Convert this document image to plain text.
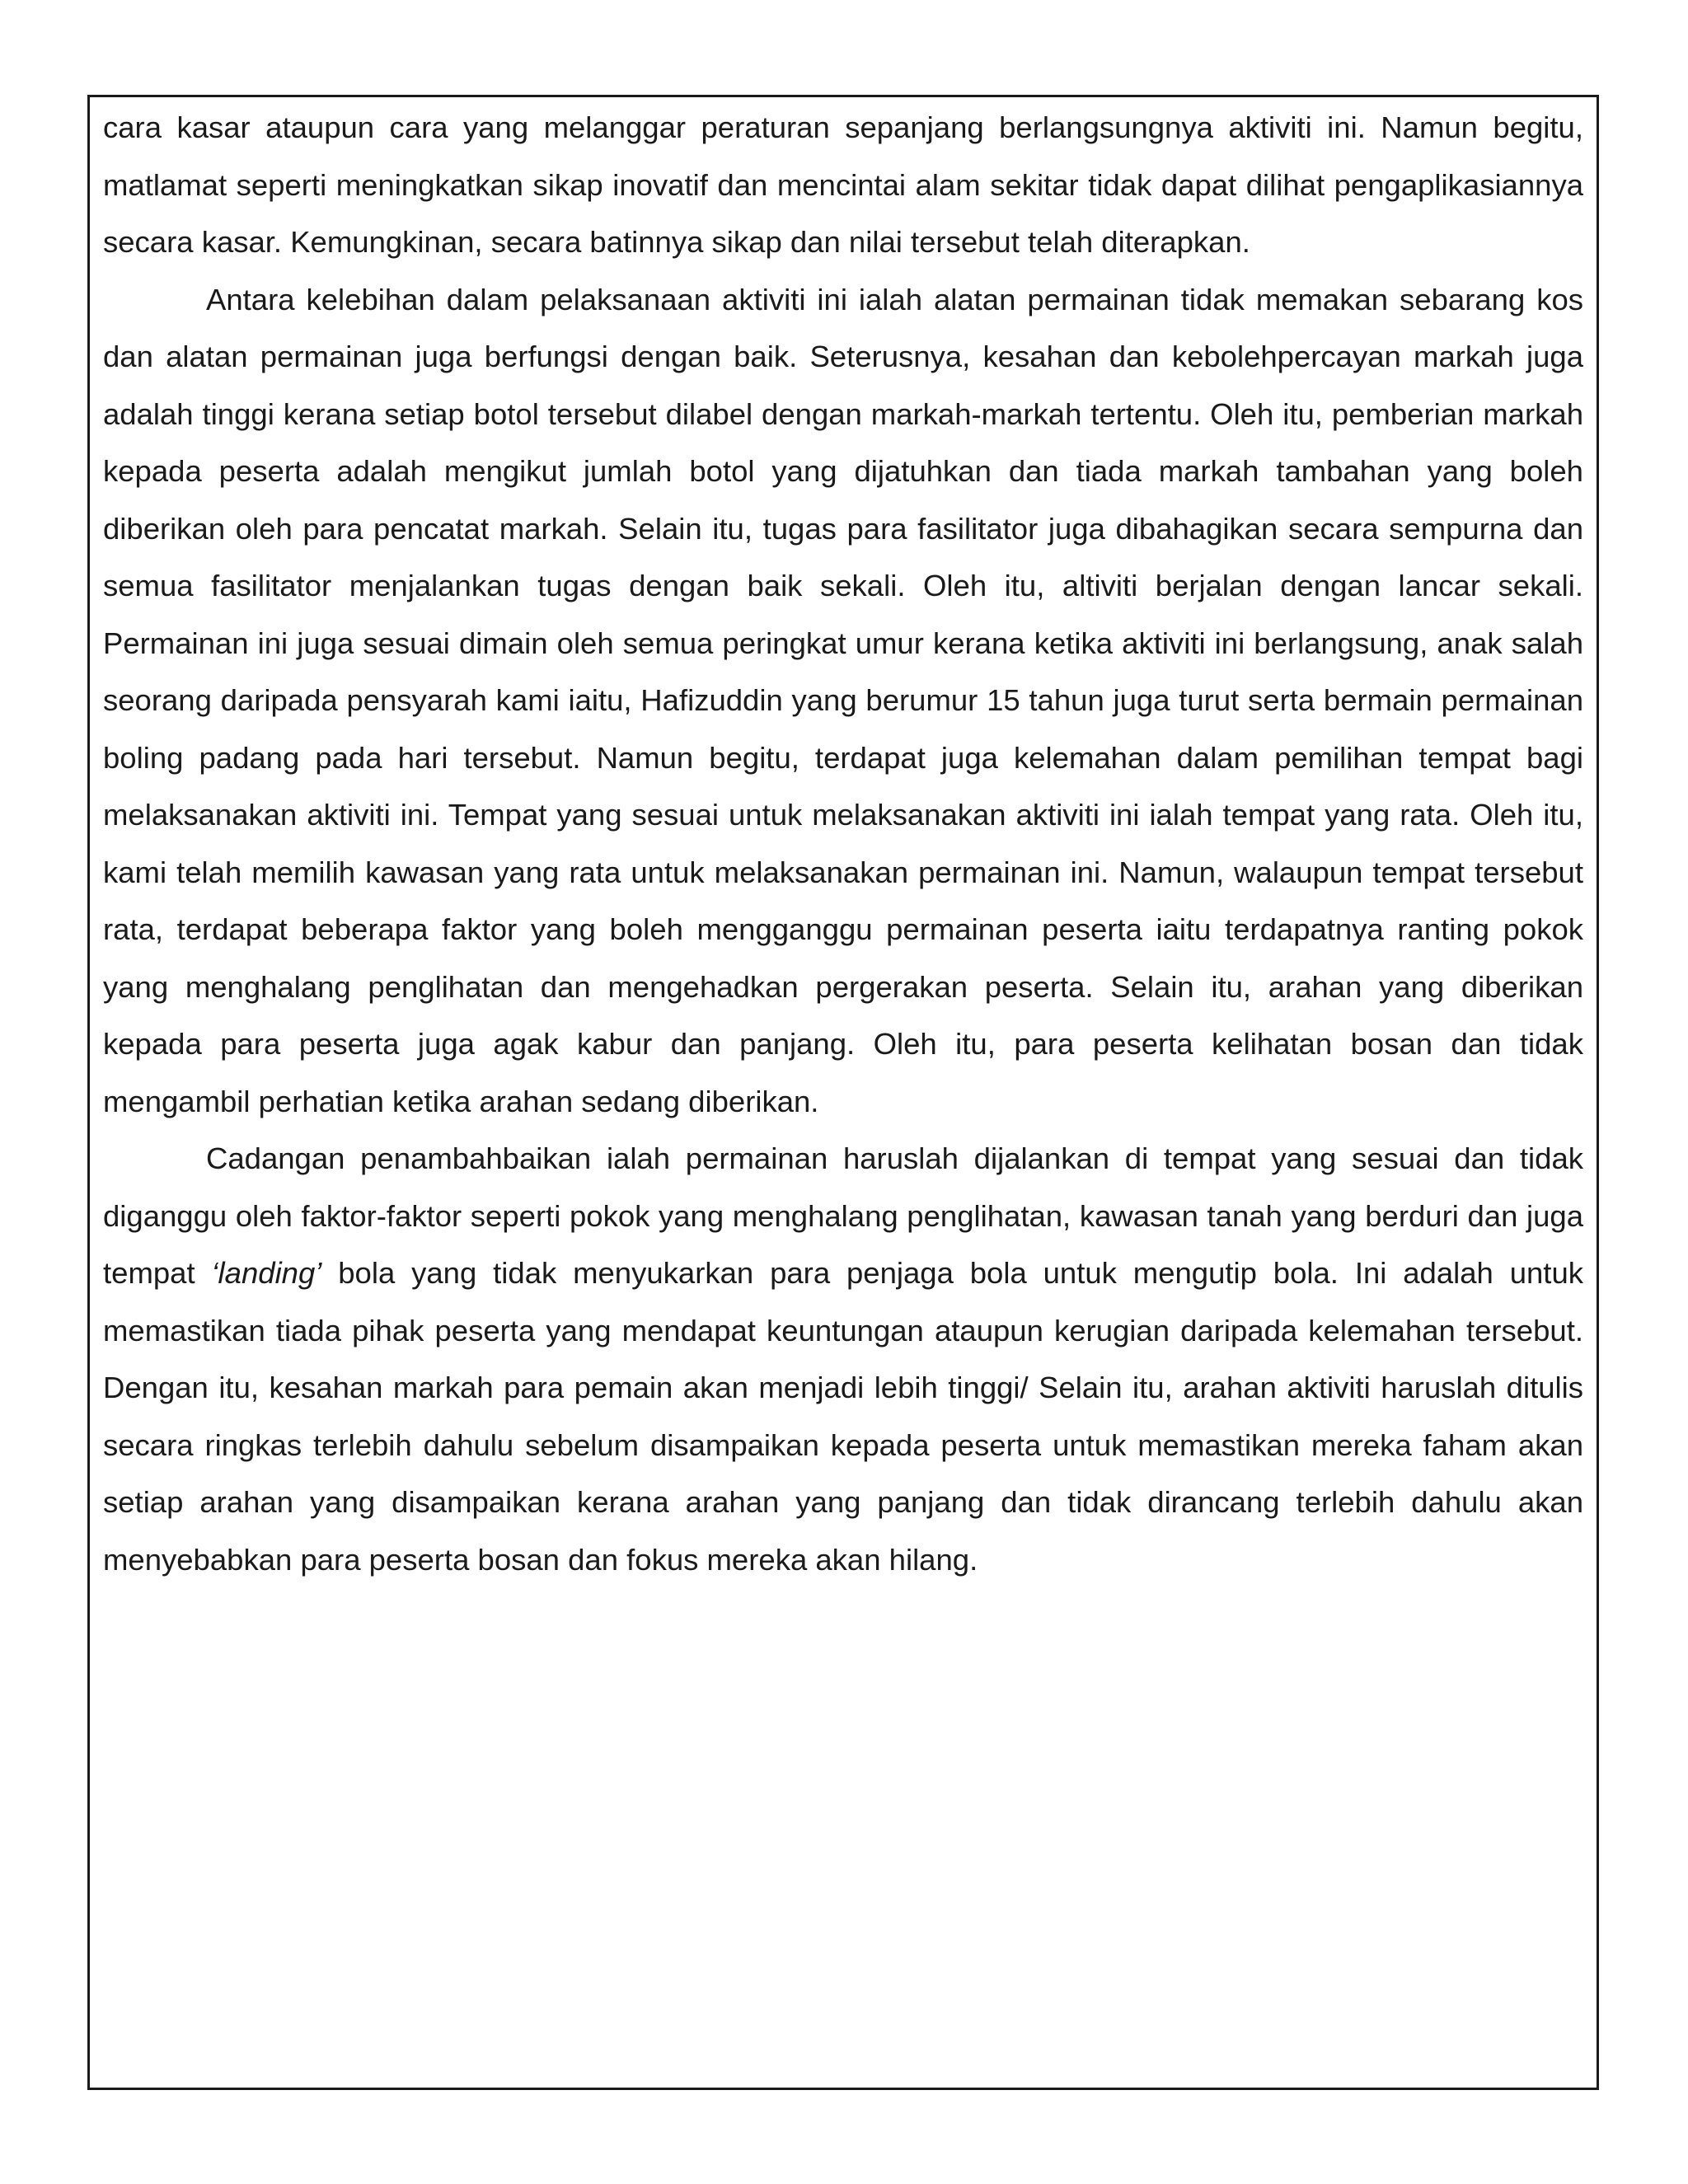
cara kasar ataupun cara yang melanggar peraturan sepanjang berlangsungnya aktiviti ini. Namun begitu, matlamat seperti meningkatkan sikap inovatif dan mencintai alam sekitar tidak dapat dilihat pengaplikasiannya secara kasar. Kemungkinan, secara batinnya sikap dan nilai tersebut telah diterapkan.

Antara kelebihan dalam pelaksanaan aktiviti ini ialah alatan permainan tidak memakan sebarang kos dan alatan permainan juga berfungsi dengan baik. Seterusnya, kesahan dan kebolehpercayan markah juga adalah tinggi kerana setiap botol tersebut dilabel dengan markah-markah tertentu. Oleh itu, pemberian markah kepada peserta adalah mengikut jumlah botol yang dijatuhkan dan tiada markah tambahan yang boleh diberikan oleh para pencatat markah. Selain itu, tugas para fasilitator juga dibahagikan secara sempurna dan semua fasilitator menjalankan tugas dengan baik sekali. Oleh itu, altiviti berjalan dengan lancar sekali. Permainan ini juga sesuai dimain oleh semua peringkat umur kerana ketika aktiviti ini berlangsung, anak salah seorang daripada pensyarah kami iaitu, Hafizuddin yang berumur 15 tahun juga turut serta bermain permainan boling padang pada hari tersebut. Namun begitu, terdapat juga kelemahan dalam pemilihan tempat bagi melaksanakan aktiviti ini. Tempat yang sesuai untuk melaksanakan aktiviti ini ialah tempat yang rata. Oleh itu, kami telah memilih kawasan yang rata untuk melaksanakan permainan ini. Namun, walaupun tempat tersebut rata, terdapat beberapa faktor yang boleh mengganggu permainan peserta iaitu terdapatnya ranting pokok yang menghalang penglihatan dan mengehadkan pergerakan peserta. Selain itu, arahan yang diberikan kepada para peserta juga agak kabur dan panjang. Oleh itu, para peserta kelihatan bosan dan tidak mengambil perhatian ketika arahan sedang diberikan.

Cadangan penambahbaikan ialah permainan haruslah dijalankan di tempat yang sesuai dan tidak diganggu oleh faktor-faktor seperti pokok yang menghalang penglihatan, kawasan tanah yang berduri dan juga tempat ‘landing’ bola yang tidak menyukarkan para penjaga bola untuk mengutip bola. Ini adalah untuk memastikan tiada pihak peserta yang mendapat keuntungan ataupun kerugian daripada kelemahan tersebut. Dengan itu, kesahan markah para pemain akan menjadi lebih tinggi/ Selain itu, arahan aktiviti haruslah ditulis secara ringkas terlebih dahulu sebelum disampaikan kepada peserta untuk memastikan mereka faham akan setiap arahan yang disampaikan kerana arahan yang panjang dan tidak dirancang terlebih dahulu akan menyebabkan para peserta bosan dan fokus mereka akan hilang.
